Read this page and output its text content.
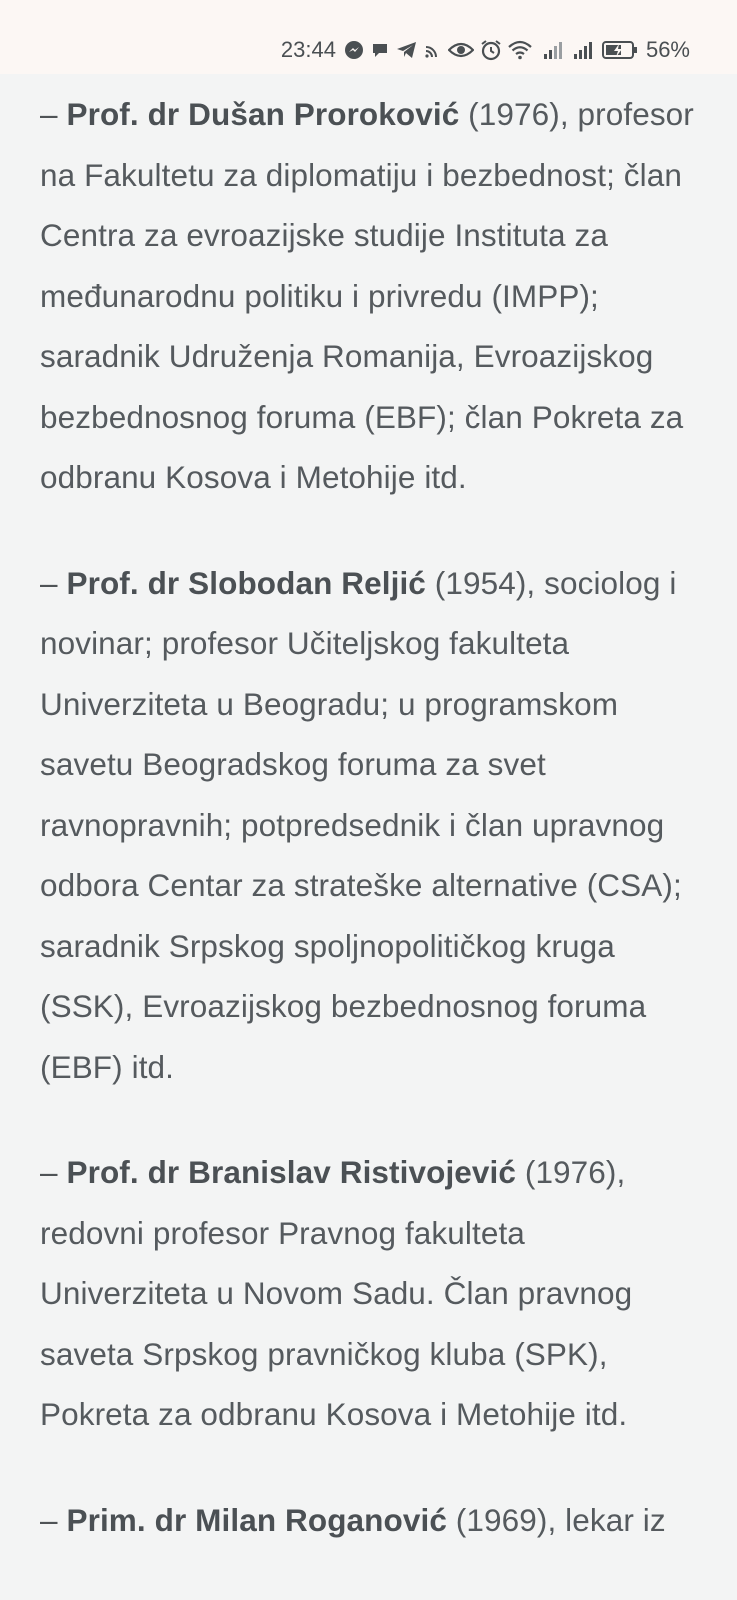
23:44	56%

– Prof. dr Dušan Proroković (1976), profesor na Fakultetu za diplomatiju i bezbednost; član Centra za evroazijske studije Instituta za međunarodnu politiku i privredu (IMPP); saradnik Udruženja Romanija, Evroazijskog bezbednosnog foruma (EBF); član Pokreta za odbranu Kosova i Metohije itd.

– Prof. dr Slobodan Reljić (1954), sociolog i novinar; profesor Učiteljskog fakulteta Univerziteta u Beogradu; u programskom savetu Beogradskog foruma za svet ravnopravnih; potpredsednik i član upravnog odbora Centar za strateške alternative (CSA); saradnik Srpskog spoljnopolitičkog kruga (SSK), Evroazijskog bezbednosnog foruma (EBF) itd.

– Prof. dr Branislav Ristivojević (1976), redovni profesor Pravnog fakulteta Univerziteta u Novom Sadu. Član pravnog saveta Srpskog pravničkog kluba (SPK), Pokreta za odbranu Kosova i Metohije itd.

– Prim. dr Milan Roganović (1969), lekar iz
